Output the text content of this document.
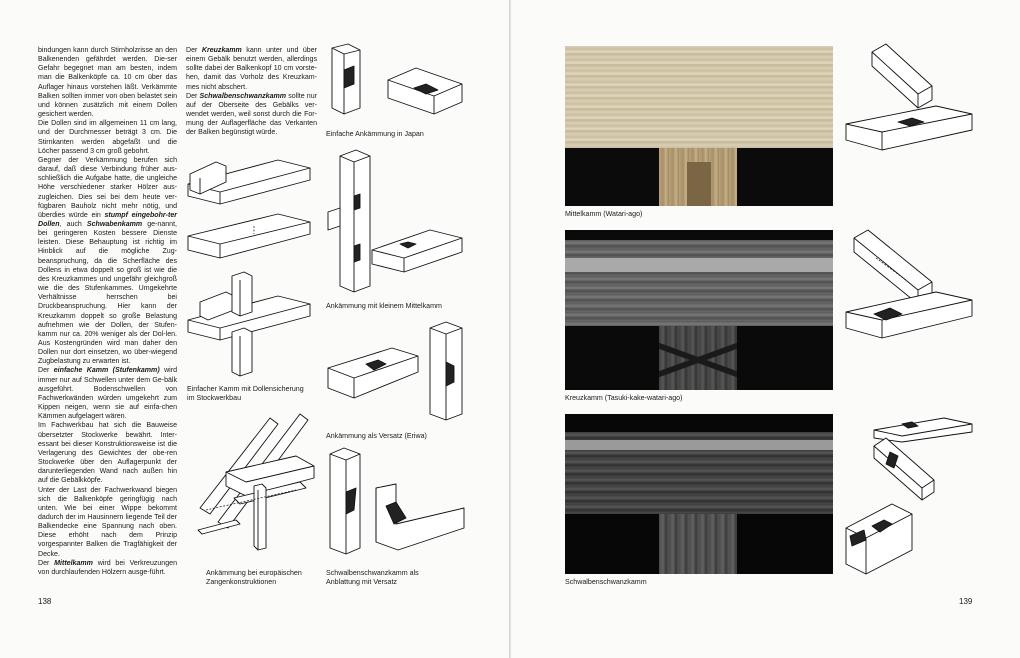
bindungen kann durch Stirnholzrisse an den Balkenenden gefährdet werden. Die-ser Gefahr begegnet man am besten, indem man die Balkenköpfe ca. 10 cm über das Auflager hinaus vorstehen läßt. Verkämmte Balken sollten immer von oben belastet sein und können zusätzlich mit einem Dollen gesichert werden.

Die Dollen sind im allgemeinen 11 cm lang, und der Durchmesser beträgt 3 cm. Die Stirnkanten werden abgefaßt und die Löcher passend 3 cm groß gebohrt.

Gegner der Verkämmung berufen sich darauf, daß diese Verbindung früher aus-schließlich die Aufgabe hatte, die ungleiche Höhe verschiedener starker Hölzer aus-zugleichen. Dies sei bei dem heute ver-fügbaren Bauholz nicht mehr nötig, und überdies würde ein stumpf eingebohr-ter Dollen, auch Schwabenkamm ge-nannt, bei geringeren Kosten bessere Dienste leisten. Diese Behauptung ist richtig im Hinblick auf die mögliche Zug-beanspruchung, da die Scherfläche des Dollens in etwa doppelt so groß ist wie die des Kreuzkammes und ungefähr gleichgroß wie die des Stufenkammes. Umgekehrte Verhältnisse herrschen bei Druckbeanspruchung. Hier kann der Kreuzkamm doppelt so große Belastung aufnehmen wie der Dollen, der Stufen-kamm nur ca. 20% weniger als der Dol-len. Aus Kostengründen wird man daher den Dollen nur dort einsetzen, wo über-wiegend Zugbelastung zu erwarten ist.

Der einfache Kamm (Stufenkamm) wird immer nur auf Schwellen unter dem Ge-bälk ausgeführt. Bodenschwellen von Fachwerkwänden würden umgekehrt zum Kippen neigen, wenn sie auf einfa-chen Kämmen aufgelagert wären.

Im Fachwerkbau hat sich die Bauweise übersetzter Stockwerke bewährt. Inter-essant bei dieser Konstruktionsweise ist die Verlagerung des Gewichtes der obe-ren Stockwerke über den Auflagerpunkt der darunterliegenden Wand nach außen hin auf die Gebälkköpfe.

Unter der Last der Fachwerkwand biegen sich die Balkenköpfe geringfügig nach unten. Wie bei einer Wippe bekommt dadurch der im Hausinnern liegende Teil der Balkendecke eine Spannung nach oben. Diese erhöht nach dem Prinzip vorgespannter Balken die Tragfähigkeit der Decke.

Der Mittelkamm wird bei Verkreuzungen von durchlaufenden Hölzern ausge-führt.

Der Kreuzkamm kann unter und über einem Gebälk benutzt werden, allerdings sollte dabei der Balkenkopf 10 cm vorste-hen, damit das Vorholz des Kreuzkam-mes nicht abschert.

Der Schwalbenschwanzkamm sollte nur auf der Oberseite des Gebälks ver-wendet werden, weil sonst durch die For-mung der Auflagerfläche das Verkanten der Balken begünstigt würde.	Einfache Ankämmung in Japan
Einfacher Kamm mit Dollensicherung
im Stockwerkbau
Ankämmung mit kleinem Mittelkamm
Ankämmung als Versatz (Eriwa)
Ankämmung bei europäischen
Zangenkonstruktionen
Schwalbenschwanzkamm als
Anblattung mit Versatz
138
Mittelkamm (Watari-ago)
Kreuzkamm (Tasuki-kake-watari-ago)
Schwalbenschwanzkamm
139
